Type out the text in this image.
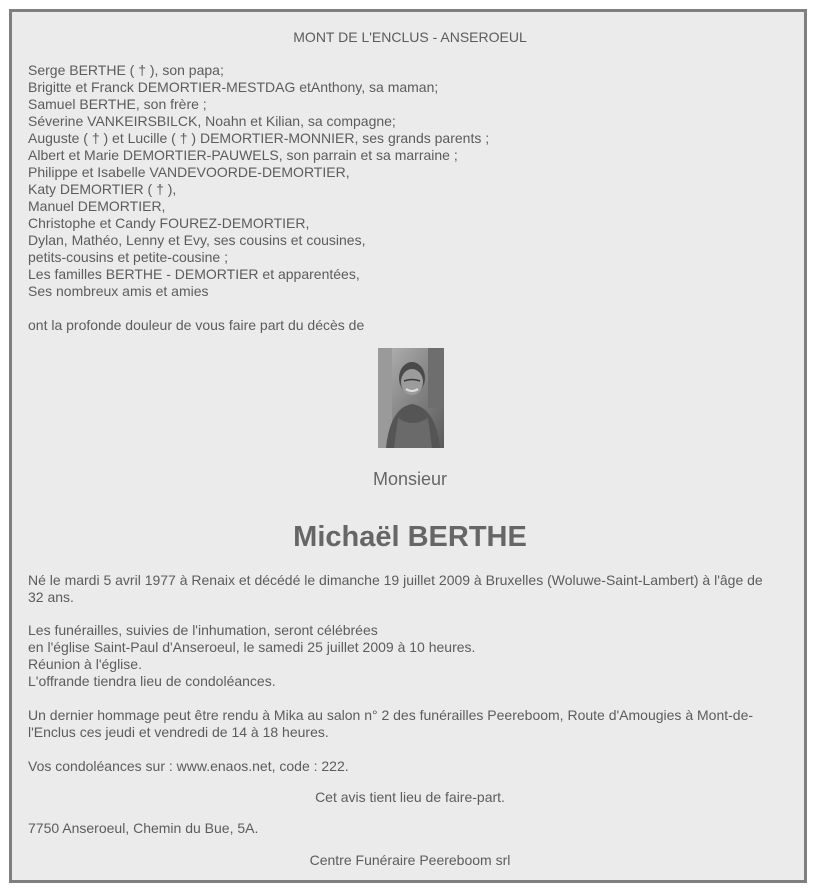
MONT DE L'ENCLUS - ANSEROEUL
Serge BERTHE ( † ), son papa;
Brigitte et Franck DEMORTIER-MESTDAG etAnthony, sa maman;
Samuel BERTHE, son frère ;
Séverine VANKEIRSBILCK, Noahn et Kilian, sa compagne;
Auguste ( † ) et Lucille ( † ) DEMORTIER-MONNIER, ses grands parents ;
Albert et Marie DEMORTIER-PAUWELS, son parrain et sa marraine ;
Philippe et Isabelle VANDEVOORDE-DEMORTIER,
Katy DEMORTIER ( † ),
Manuel DEMORTIER,
Christophe et Candy FOUREZ-DEMORTIER,
Dylan, Mathéo, Lenny et Evy, ses cousins et cousines,
petits-cousins et petite-cousine ;
Les familles BERTHE - DEMORTIER et apparentées,
Ses nombreux amis et amies
ont la profonde douleur de vous faire part du décès de
Monsieur
Michaël BERTHE
Né le mardi 5 avril 1977 à Renaix et décédé le dimanche 19 juillet 2009 à Bruxelles (Woluwe-Saint-Lambert) à l'âge de
32 ans.
Les funérailles, suivies de l'inhumation, seront célébrées
en l'église Saint-Paul d'Anseroeul, le samedi 25 juillet 2009 à 10 heures.
Réunion à l'église.
L'offrande tiendra lieu de condoléances.
Un dernier hommage peut être rendu à Mika au salon n° 2 des funérailles Peereboom, Route d'Amougies à Mont-de-
l'Enclus ces jeudi et vendredi de 14 à 18 heures.
Vos condoléances sur : www.enaos.net, code : 222.
Cet avis tient lieu de faire-part.
7750 Anseroeul, Chemin du Bue, 5A.
Centre Funéraire Peereboom srl
